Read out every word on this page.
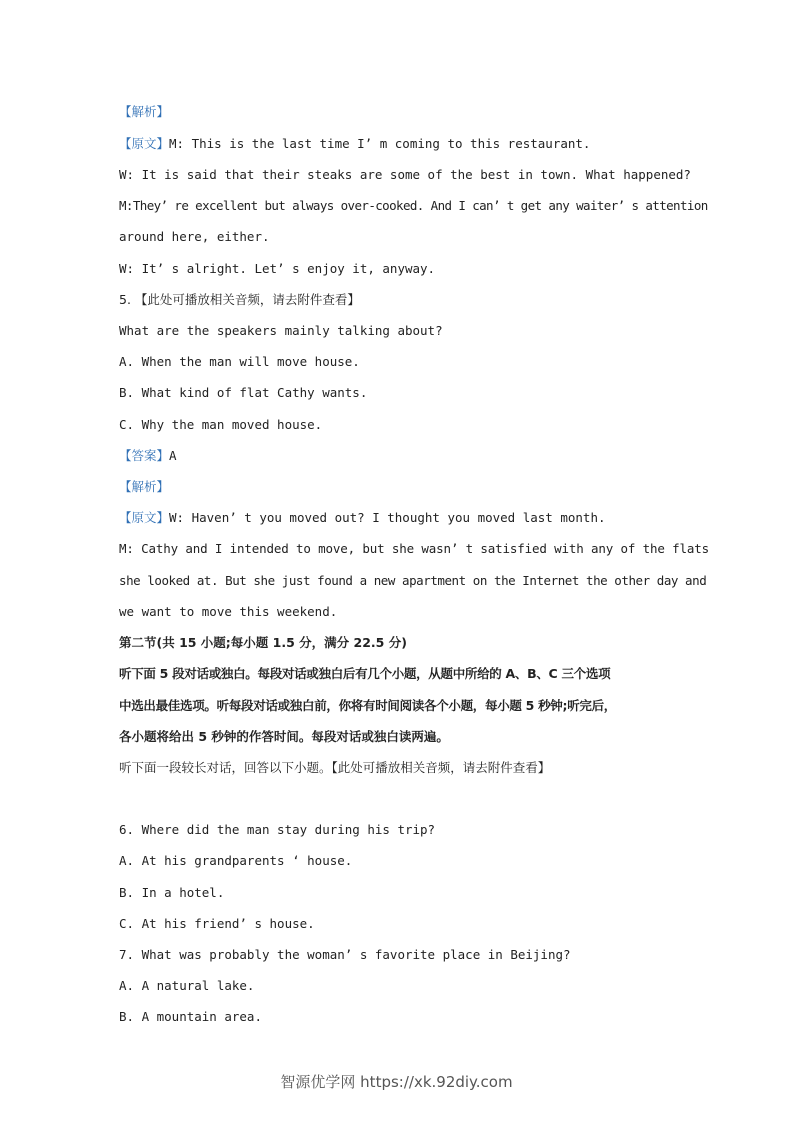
【解析】
【原文】M: This is the last time I’ m coming to this restaurant.
W: It is said that their steaks are some of the best in town. What happened?
M:They’ re excellent but always over-cooked. And I can’ t get any waiter’ s attention
around here, either.
W: It’ s alright. Let’ s enjoy it, anyway.
5. 【此处可播放相关音频，请去附件查看】
What are the speakers mainly talking about?
A. When the man will move house.
B. What kind of flat Cathy wants.
C. Why the man moved house.
【答案】A
【解析】
【原文】W: Haven’ t you moved out? I thought you moved last month.
M: Cathy and I intended to move, but she wasn’ t satisfied with any of the flats
she looked at. But she just found a new apartment on the Internet the other day and
we want to move this weekend.
第二节(共 15 小题;每小题 1.5 分，满分 22.5 分)
听下面 5 段对话或独白。每段对话或独白后有几个小题，从题中所给的 A、B、C 三个选项
中选出最佳选项。听每段对话或独白前，你将有时间阅读各个小题，每小题 5 秒钟;听完后，
各小题将给出 5 秒钟的作答时间。每段对话或独白读两遍。
听下面一段较长对话，回答以下小题。【此处可播放相关音频，请去附件查看】
6. Where did the man stay during his trip?
A. At his grandparents ‘ house.
B. In a hotel.
C. At his friend’ s house.
7. What was probably the woman’ s favorite place in Beijing?
A. A natural lake.
B. A mountain area.
智源优学网 https://xk.92diy.com
